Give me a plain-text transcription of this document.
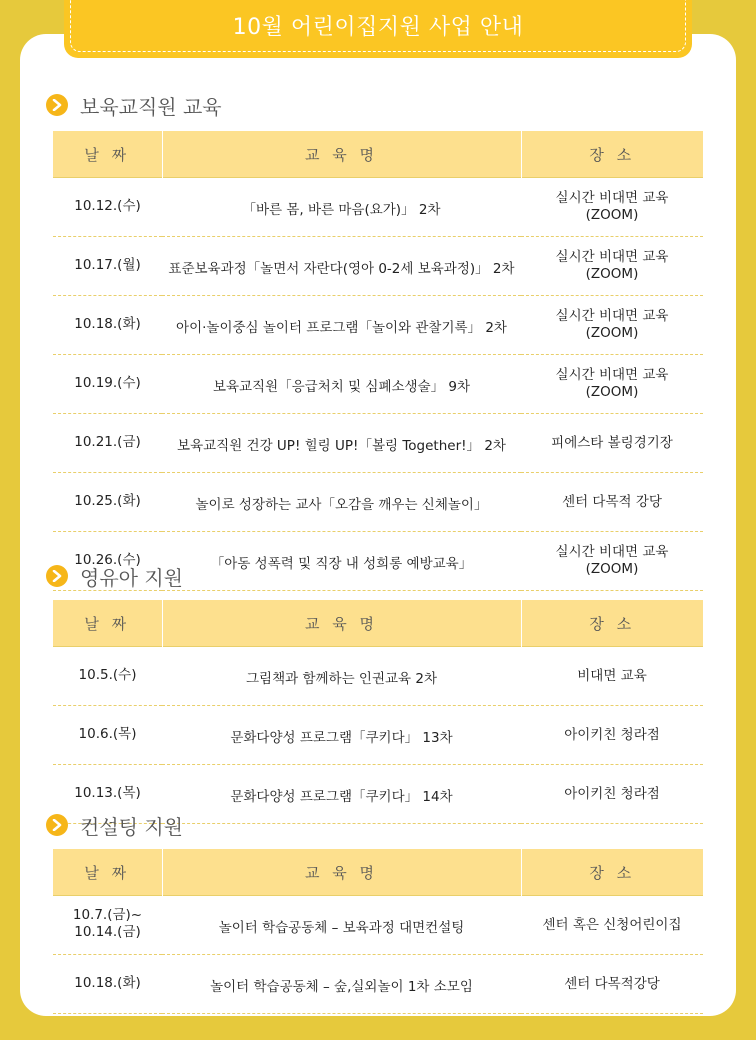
10월 어린이집지원 사업 안내
보육교직원 교육
날 짜	교 육 명	장 소
10.12.(수)	「바른 몸, 바른 마음(요가)」 2차	실시간 비대면 교육
(ZOOM)
10.17.(월)	표준보육과정「놀면서 자란다(영아 0-2세 보육과정)」 2차	실시간 비대면 교육
(ZOOM)
10.18.(화)	아이·놀이중심 놀이터 프로그램「놀이와 관찰기록」 2차	실시간 비대면 교육
(ZOOM)
10.19.(수)	보육교직원「응급처치 및 심폐소생술」 9차	실시간 비대면 교육
(ZOOM)
10.21.(금)	보육교직원 건강 UP! 힐링 UP!「볼링 Together!」 2차	피에스타 볼링경기장
10.25.(화)	놀이로 성장하는 교사「오감을 깨우는 신체놀이」	센터 다목적 강당
10.26.(수)	「아동 성폭력 및 직장 내 성희롱 예방교육」	실시간 비대면 교육
(ZOOM)
영유아 지원
날 짜	교 육 명	장 소
10.5.(수)	그림책과 함께하는 인권교육 2차	비대면 교육
10.6.(목)	문화다양성 프로그램「쿠키다」 13차	아이키친 청라점
10.13.(목)	문화다양성 프로그램「쿠키다」 14차	아이키친 청라점
컨설팅 지원
날 짜	교 육 명	장 소
10.7.(금)~
10.14.(금)	놀이터 학습공동체 – 보육과정 대면컨설팅	센터 혹은 신청어린이집
10.18.(화)	놀이터 학습공동체 – 숲,실외놀이 1차 소모임	센터 다목적강당
